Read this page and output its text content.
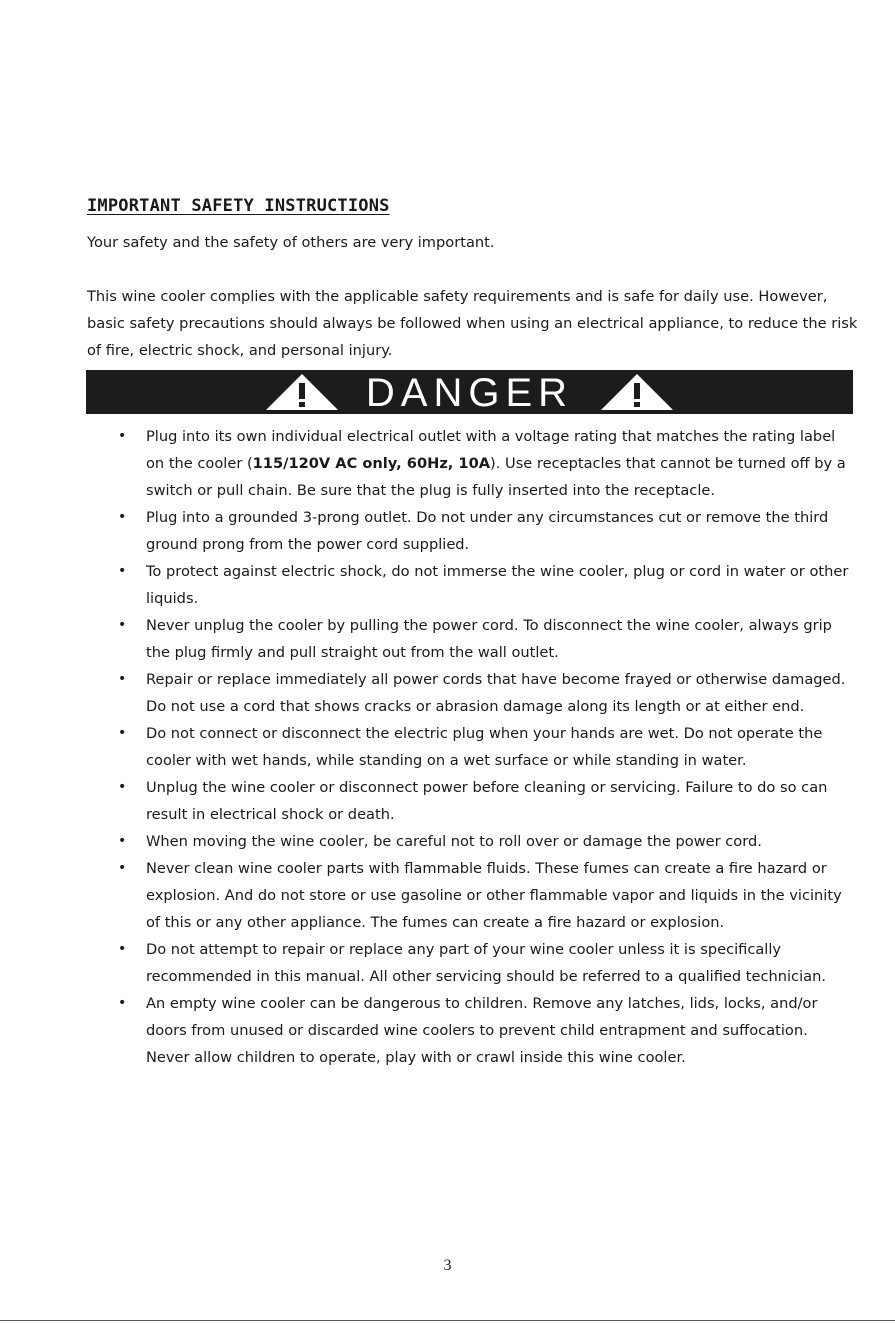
IMPORTANT SAFETY INSTRUCTIONS

Your safety and the safety of others are very important.

This wine cooler complies with the applicable safety requirements and is safe for daily use. However, basic safety precautions should always be followed when using an electrical appliance, to reduce the risk of fire, electric shock, and personal injury.

DANGER
• Plug into its own individual electrical outlet with a voltage rating that matches the rating label on the cooler (115/120V AC only, 60Hz, 10A). Use receptacles that cannot be turned off by a switch or pull chain. Be sure that the plug is fully inserted into the receptacle.
• Plug into a grounded 3-prong outlet. Do not under any circumstances cut or remove the third ground prong from the power cord supplied.
• To protect against electric shock, do not immerse the wine cooler, plug or cord in water or other liquids.
• Never unplug the cooler by pulling the power cord. To disconnect the wine cooler, always grip the plug firmly and pull straight out from the wall outlet.
• Repair or replace immediately all power cords that have become frayed or otherwise damaged. Do not use a cord that shows cracks or abrasion damage along its length or at either end.
• Do not connect or disconnect the electric plug when your hands are wet. Do not operate the cooler with wet hands, while standing on a wet surface or while standing in water.
• Unplug the wine cooler or disconnect power before cleaning or servicing. Failure to do so can result in electrical shock or death.
• When moving the wine cooler, be careful not to roll over or damage the power cord.
• Never clean wine cooler parts with flammable fluids. These fumes can create a fire hazard or explosion. And do not store or use gasoline or other flammable vapor and liquids in the vicinity of this or any other appliance. The fumes can create a fire hazard or explosion.
• Do not attempt to repair or replace any part of your wine cooler unless it is specifically recommended in this manual. All other servicing should be referred to a qualified technician.
• An empty wine cooler can be dangerous to children. Remove any latches, lids, locks, and/or doors from unused or discarded wine coolers to prevent child entrapment and suffocation. Never allow children to operate, play with or crawl inside this wine cooler.
3
